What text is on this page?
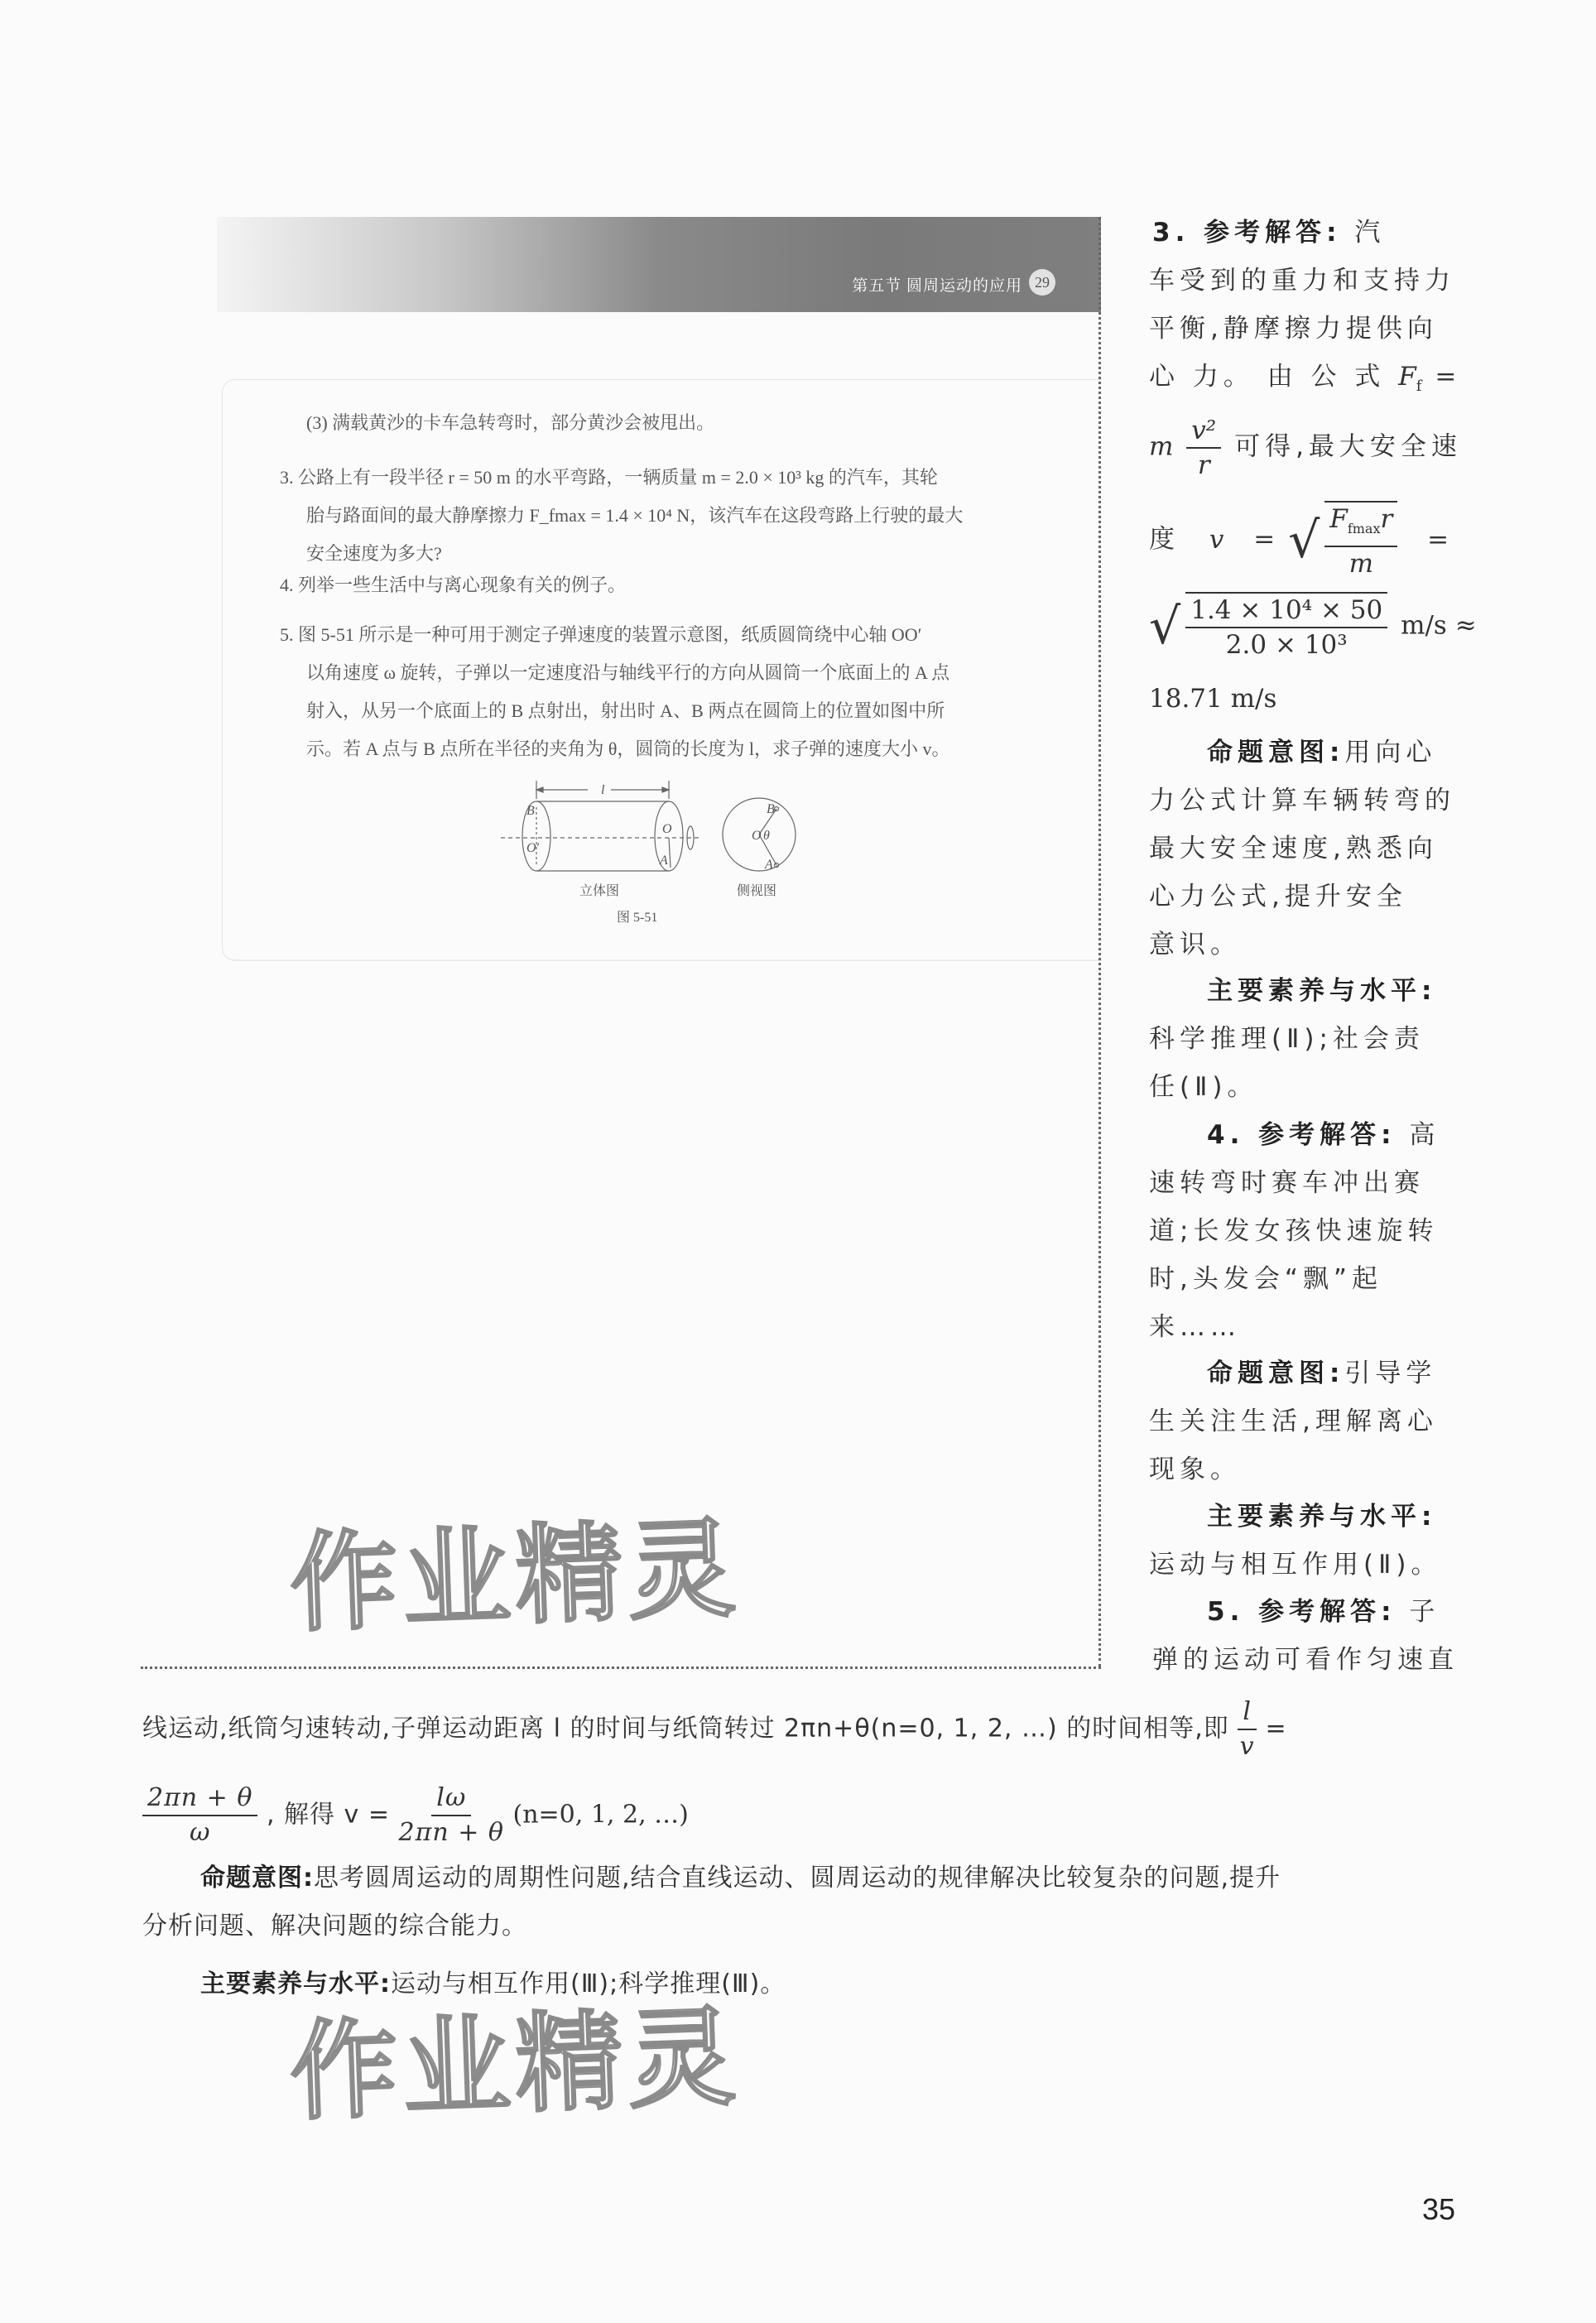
第五节 圆周运动的应用 29
(3) 满载黄沙的卡车急转弯时，部分黄沙会被甩出。
3. 公路上有一段半径 r = 50 m 的水平弯路，一辆质量 m = 2.0 × 10³ kg 的汽车，其轮
胎与路面间的最大静摩擦力 F_fmax = 1.4 × 10⁴ N，该汽车在这段弯路上行驶的最大
安全速度为多大?
4. 列举一些生活中与离心现象有关的例子。
5. 图 5-51 所示是一种可用于测定子弹速度的装置示意图，纸质圆筒绕中心轴 OO′
以角速度 ω 旋转，子弹以一定速度沿与轴线平行的方向从圆筒一个底面上的 A 点
射入，从另一个底面上的 B 点射出，射出时 A、B 两点在圆筒上的位置如图中所
示。若 A 点与 B 点所在半径的夹角为 θ，圆筒的长度为 l，求子弹的速度大小 v。
l
B
O′
O
A
B
O θ
A
立体图	侧视图
图 5-51
3. 参考解答: 汽
车受到的重力和支持力
平衡,静摩擦力提供向
心 力。 由 公 式 $F_f$ =
m $\frac{\text{v²}}{r}$ 可得,最大安全速
度 v = √ $\frac{F_{fmax}r}{m}$ =
√ $\frac{\text{1.4 × 10⁴ × 50}}{\text{2.0 × 10³}} m/s$ ≈
18.71 m/s
命题意图:用向心
力公式计算车辆转弯的
最大安全速度,熟悉向
心力公式,提升安全
意识。
主要素养与水平:
科学推理(Ⅱ);社会责
任(Ⅱ)。
4. 参考解答: 高
速转弯时赛车冲出赛
道;长发女孩快速旋转
时,头发会“飘”起
来……
命题意图:引导学
生关注生活,理解离心
现象。
主要素养与水平:
运动与相互作用(Ⅱ)。
5. 参考解答: 子
弹的运动可看作匀速直
线运动,纸筒匀速转动,子弹运动距离 l 的时间与纸筒转过 2πn+θ(n=0, 1, 2, …) 的时间相等,即 $\frac{l}{v}$ =
$\frac{2\pi n + \theta}{\omega}$ , 解得 $v = \frac{l\omega}{2\pi n + \theta} (n=0$, 1, 2, …)
命题意图:思考圆周运动的周期性问题,结合直线运动、圆周运动的规律解决比较复杂的问题,提升
分析问题、解决问题的综合能力。
主要素养与水平:运动与相互作用(Ⅲ);科学推理(Ⅲ)。
作业精灵
作业精灵
35
